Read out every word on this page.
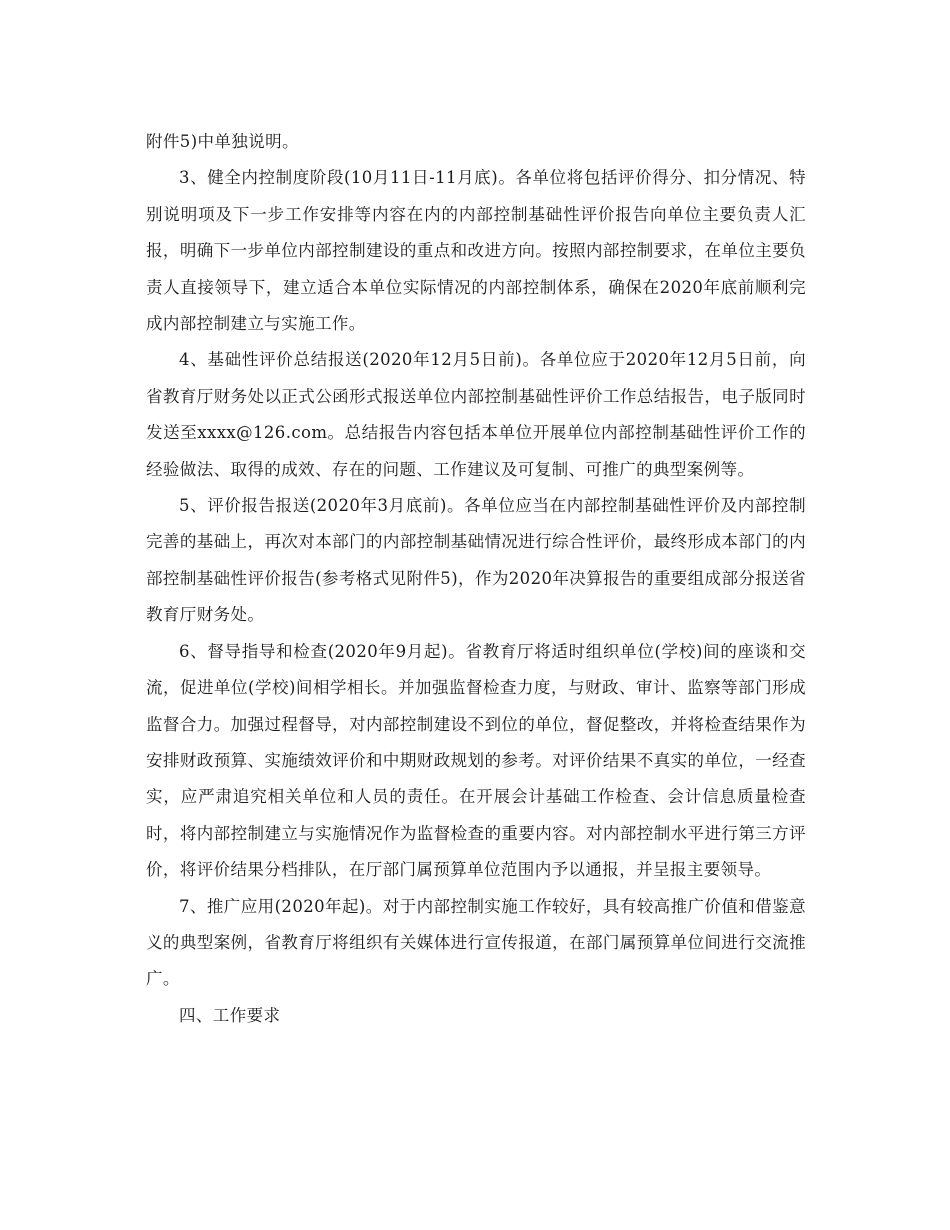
附件5)中单独说明。

3、健全内控制度阶段(10月11日-11月底)。各单位将包括评价得分、扣分情况、特别说明项及下一步工作安排等内容在内的内部控制基础性评价报告向单位主要负责人汇报，明确下一步单位内部控制建设的重点和改进方向。按照内部控制要求，在单位主要负责人直接领导下，建立适合本单位实际情况的内部控制体系，确保在2020年底前顺利完成内部控制建立与实施工作。

4、基础性评价总结报送(2020年12月5日前)。各单位应于2020年12月5日前，向省教育厅财务处以正式公函形式报送单位内部控制基础性评价工作总结报告，电子版同时发送至xxxx@126.com。总结报告内容包括本单位开展单位内部控制基础性评价工作的经验做法、取得的成效、存在的问题、工作建议及可复制、可推广的典型案例等。

5、评价报告报送(2020年3月底前)。各单位应当在内部控制基础性评价及内部控制完善的基础上，再次对本部门的内部控制基础情况进行综合性评价，最终形成本部门的内部控制基础性评价报告(参考格式见附件5)，作为2020年决算报告的重要组成部分报送省教育厅财务处。

6、督导指导和检查(2020年9月起)。省教育厅将适时组织单位(学校)间的座谈和交流，促进单位(学校)间相学相长。并加强监督检查力度，与财政、审计、监察等部门形成监督合力。加强过程督导，对内部控制建设不到位的单位，督促整改，并将检查结果作为安排财政预算、实施绩效评价和中期财政规划的参考。对评价结果不真实的单位，一经查实，应严肃追究相关单位和人员的责任。在开展会计基础工作检查、会计信息质量检查时，将内部控制建立与实施情况作为监督检查的重要内容。对内部控制水平进行第三方评价，将评价结果分档排队，在厅部门属预算单位范围内予以通报，并呈报主要领导。

7、推广应用(2020年起)。对于内部控制实施工作较好，具有较高推广价值和借鉴意义的典型案例，省教育厅将组织有关媒体进行宣传报道，在部门属预算单位间进行交流推广。

四、工作要求
